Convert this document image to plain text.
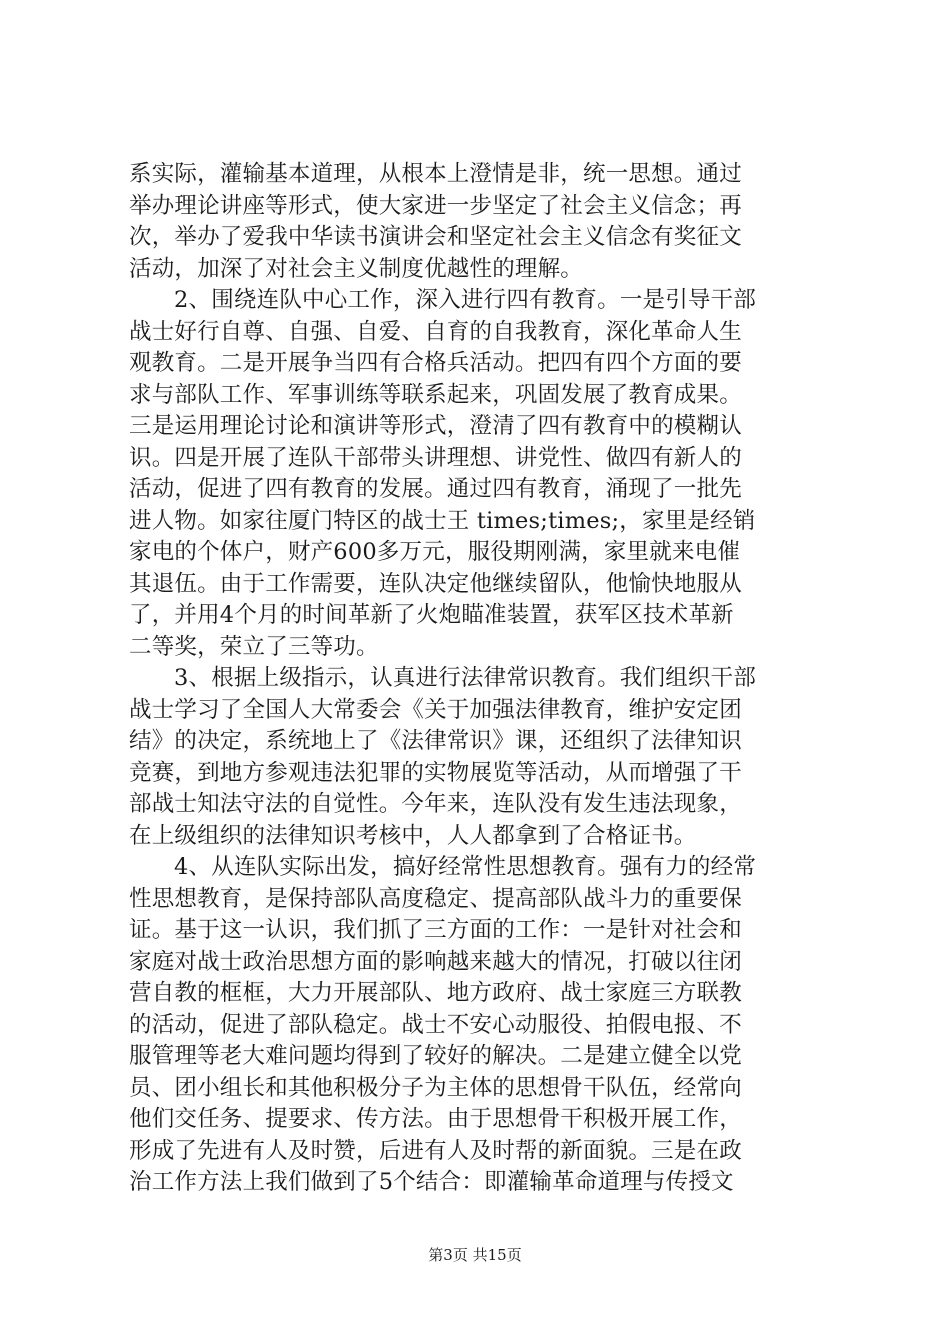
系实际，灌输基本道理，从根本上澄情是非，统一思想。通过
举办理论讲座等形式，使大家进一步坚定了社会主义信念；再
次，举办了爱我中华读书演讲会和坚定社会主义信念有奖征文
活动，加深了对社会主义制度优越性的理解。
2、围绕连队中心工作，深入进行四有教育。一是引导干部
战士好行自尊、自强、自爱、自育的自我教育，深化革命人生
观教育。二是开展争当四有合格兵活动。把四有四个方面的要
求与部队工作、军事训练等联系起来，巩固发展了教育成果。
三是运用理论讨论和演讲等形式，澄清了四有教育中的模糊认
识。四是开展了连队干部带头讲理想、讲党性、做四有新人的
活动，促进了四有教育的发展。通过四有教育，涌现了一批先
进人物。如家往厦门特区的战士王 times;times;，家里是经销
家电的个体户，财产600多万元，服役期刚满，家里就来电催
其退伍。由于工作需要，连队决定他继续留队，他愉快地服从
了，并用4个月的时间革新了火炮瞄准装置，获军区技术革新
二等奖，荣立了三等功。
3、根据上级指示，认真进行法律常识教育。我们组织干部
战士学习了全国人大常委会《关于加强法律教育，维护安定团
结》的决定，系统地上了《法律常识》课，还组织了法律知识
竞赛，到地方参观违法犯罪的实物展览等活动，从而增强了干
部战士知法守法的自觉性。今年来，连队没有发生违法现象，
在上级组织的法律知识考核中，人人都拿到了合格证书。
4、从连队实际出发，搞好经常性思想教育。强有力的经常
性思想教育，是保持部队高度稳定、提高部队战斗力的重要保
证。基于这一认识，我们抓了三方面的工作：一是针对社会和
家庭对战士政治思想方面的影响越来越大的情况，打破以往闭
营自教的框框，大力开展部队、地方政府、战士家庭三方联教
的活动，促进了部队稳定。战士不安心动服役、拍假电报、不
服管理等老大难问题均得到了较好的解决。二是建立健全以党
员、团小组长和其他积极分子为主体的思想骨干队伍，经常向
他们交任务、提要求、传方法。由于思想骨干积极开展工作，
形成了先进有人及时赞，后进有人及时帮的新面貌。三是在政
治工作方法上我们做到了5个结合：即灌输革命道理与传授文
第3页 共15页
